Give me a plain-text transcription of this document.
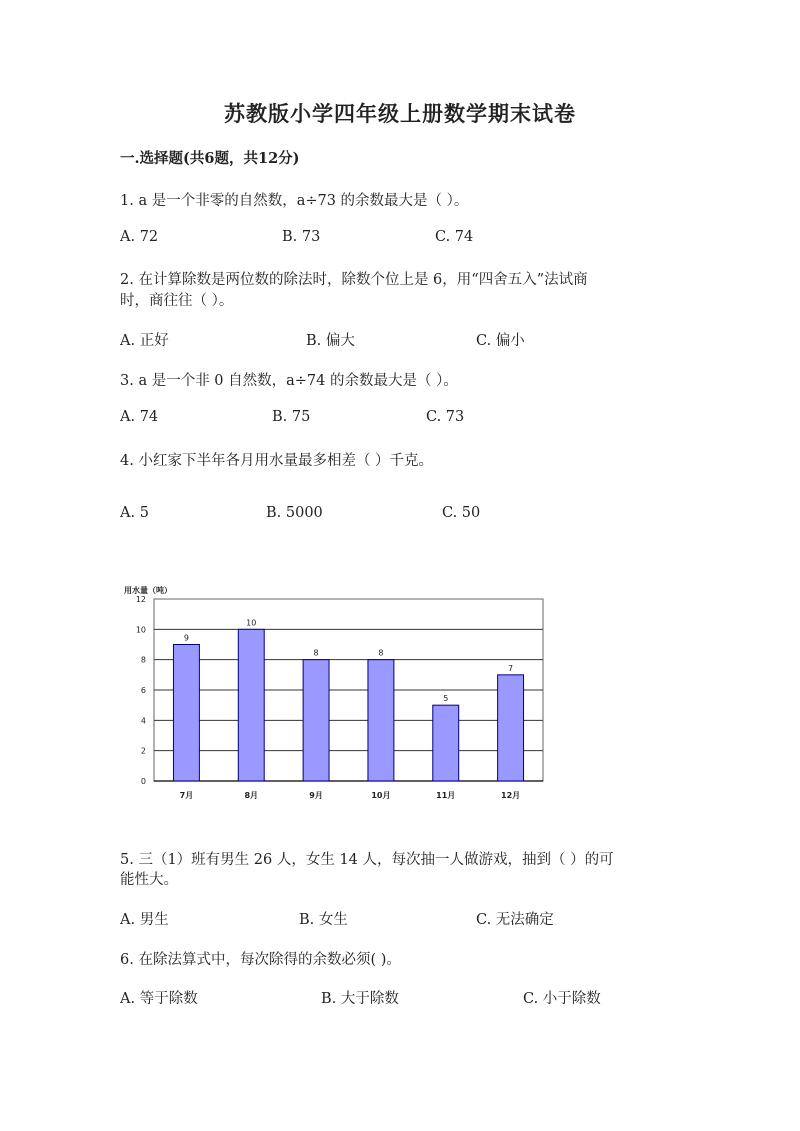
苏教版小学四年级上册数学期末试卷
一.选择题(共6题，共12分)
1. a 是一个非零的自然数，a÷73 的余数最大是（ ）。
A. 72	B. 73	C. 74
2. 在计算除数是两位数的除法时，除数个位上是 6，用“四舍五入”法试商
时，商往往（ ）。
A. 正好	B. 偏大	C. 偏小
3. a 是一个非 0 自然数，a÷74 的余数最大是（ ）。
A. 74	B. 75	C. 73
4. 小红家下半年各月用水量最多相差（ ）千克。
A. 5	B. 5000	C. 50
用水量（吨）
0
2
4
6
8
10
12
7月	8月	9月	10月	11月	12月
9
10
8	8
5
7
5. 三（1）班有男生 26 人，女生 14 人，每次抽一人做游戏，抽到（ ）的可
能性大。
A. 男生	B. 女生	C. 无法确定
6. 在除法算式中，每次除得的余数必须( )。
A. 等于除数	B. 大于除数	C. 小于除数
